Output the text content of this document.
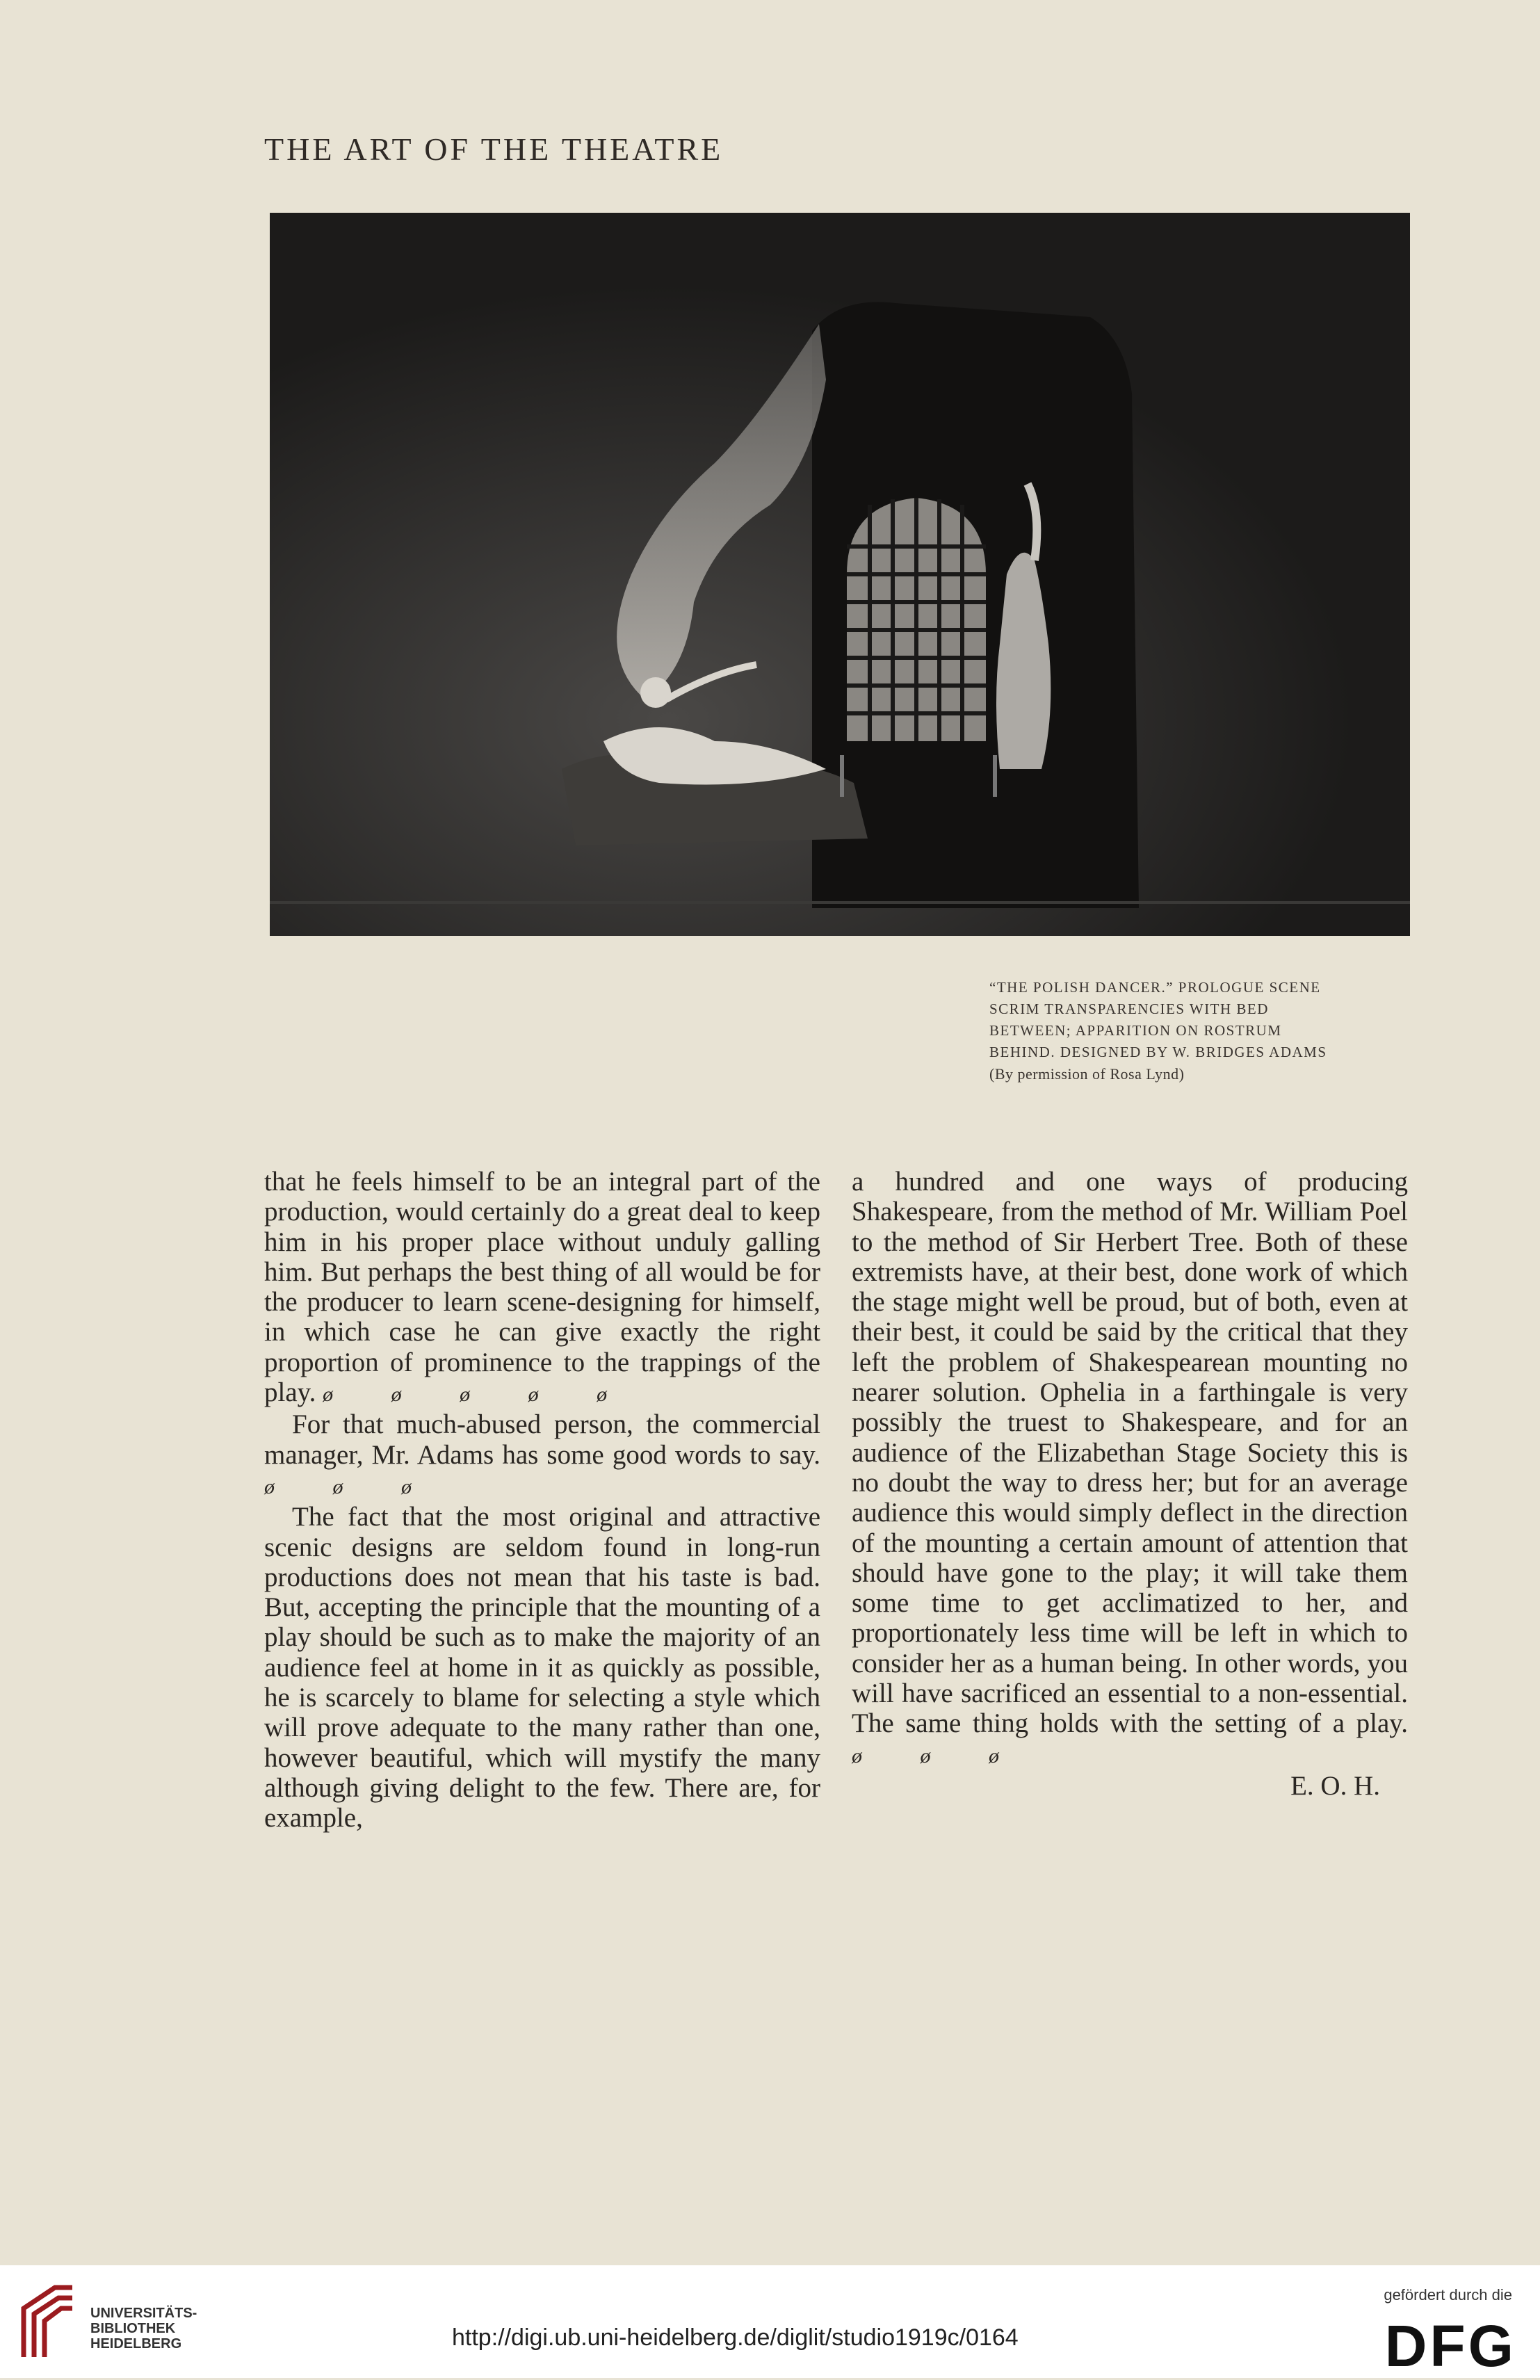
THE ART OF THE THEATRE
“THE POLISH DANCER.” PROLOGUE SCENE
SCRIM TRANSPARENCIES WITH BED
BETWEEN; APPARITION ON ROSTRUM
BEHIND. DESIGNED BY W. BRIDGES ADAMS
(By permission of Rosa Lynd)

that he feels himself to be an integral part of the production, would certainly do a great deal to keep him in his proper place without unduly galling him. But perhaps the best thing of all would be for the producer to learn scene-designing for himself, in which case he can give exactly the right proportion of prominence to the trappings of the play. ø ø ø ø ø

For that much-abused person, the commercial manager, Mr. Adams has some good words to say. ø ø ø

The fact that the most original and attractive scenic designs are seldom found in long-run productions does not mean that his taste is bad. But, accepting the principle that the mounting of a play should be such as to make the majority of an audience feel at home in it as quickly as possible, he is scarcely to blame for selecting a style which will prove adequate to the many rather than one, however beautiful, which will mystify the many although giving delight to the few. There are, for example,

a hundred and one ways of producing Shakespeare, from the method of Mr. William Poel to the method of Sir Herbert Tree. Both of these extremists have, at their best, done work of which the stage might well be proud, but of both, even at their best, it could be said by the critical that they left the problem of Shakespearean mounting no nearer solution. Ophelia in a farthingale is very possibly the truest to Shakespeare, and for an audience of the Elizabethan Stage Society this is no doubt the way to dress her; but for an average audience this would simply deflect in the direction of the mounting a certain amount of attention that should have gone to the play; it will take them some time to get acclimatized to her, and proportionately less time will be left in which to consider her as a human being. In other words, you will have sacrificed an essential to a non-essential. The same thing holds with the setting of a play. ø ø ø

E. O. H.
UNIVERSITÄTS-
BIBLIOTHEK
HEIDELBERG	http://digi.ub.uni-heidelberg.de/diglit/studio1919c/0164
gefördert durch die
DFG
